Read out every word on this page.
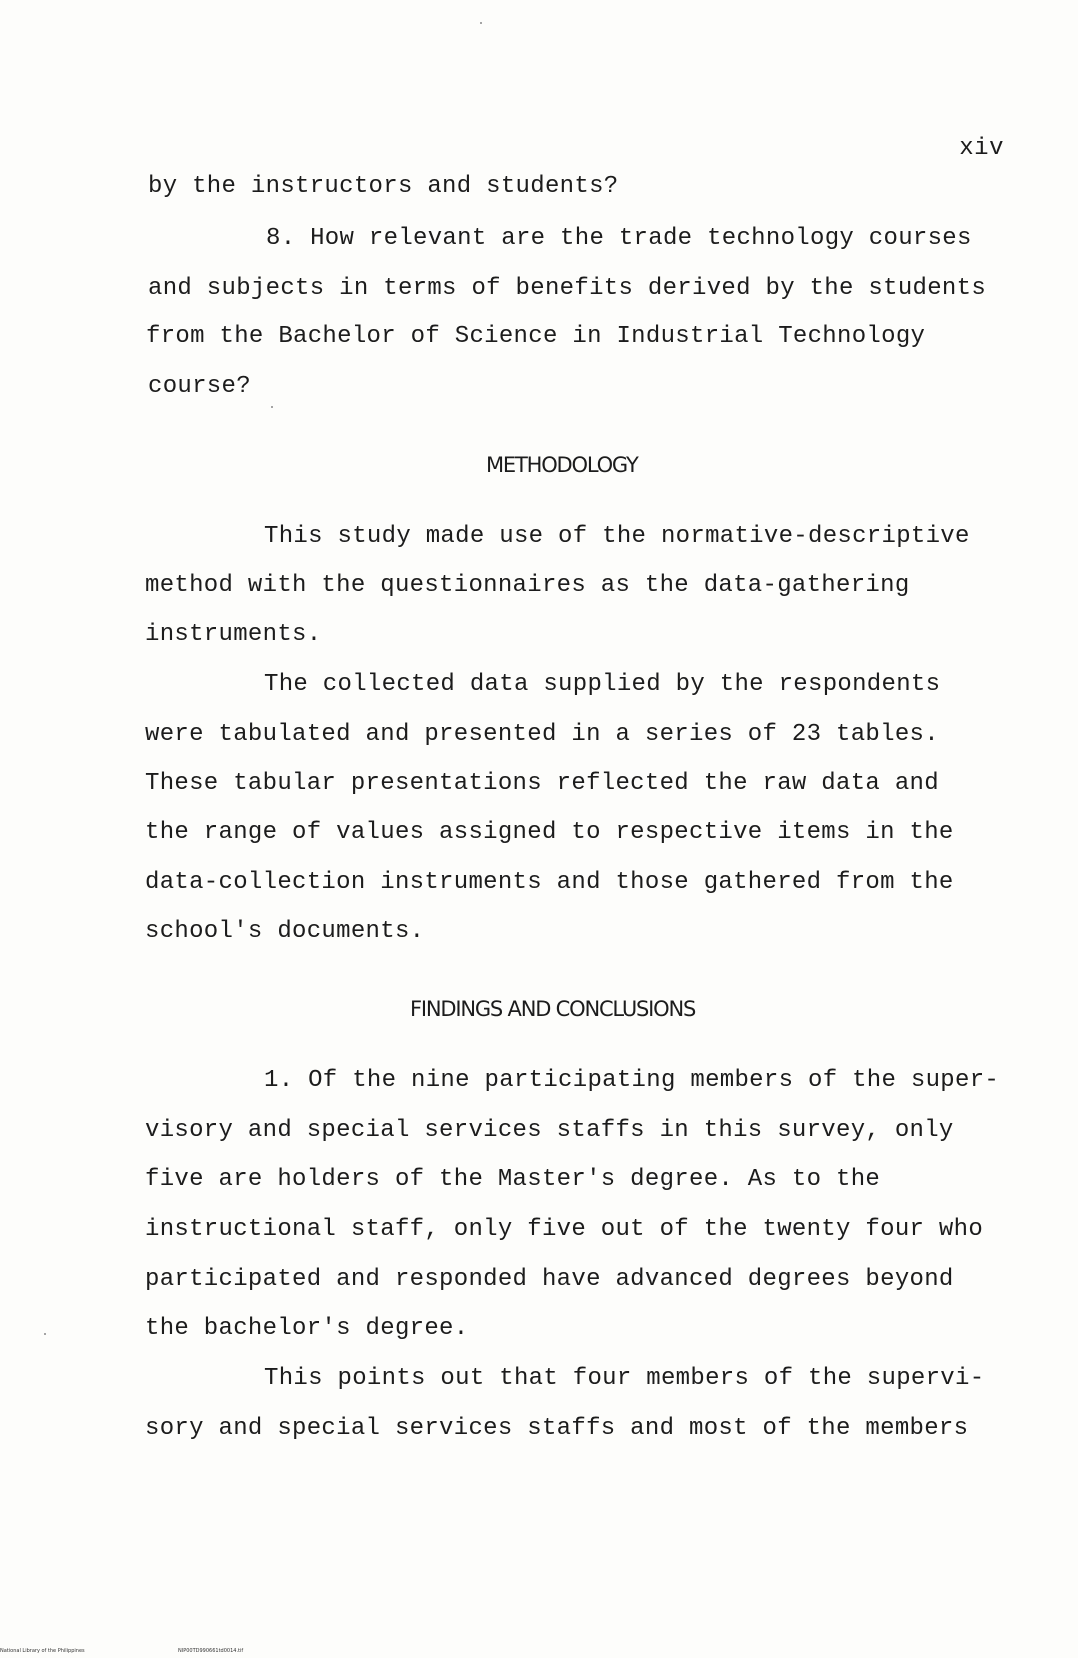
xiv
by the instructors and students?
8. How relevant are the trade technology courses
and subjects in terms of benefits derived by the students
from the Bachelor of Science in Industrial Technology
course?
METHODOLOGY
This study made use of the normative-descriptive
method with the questionnaires as the data-gathering
instruments.
The collected data supplied by the respondents
were tabulated and presented in a series of 23 tables.
These tabular presentations reflected the raw data and
the range of values assigned to respective items in the
data-collection instruments and those gathered from the
school's documents.
FINDINGS AND CONCLUSIONS
1. Of the nine participating members of the super-
visory and special services staffs in this survey, only
five are holders of the Master's degree. As to the
instructional staff, only five out of the twenty four who
participated and responded have advanced degrees beyond
the bachelor's degree.
This points out that four members of the supervi-
sory and special services staffs and most of the members
National Library of the Philippines	NIP00TD990661td0014.tif
